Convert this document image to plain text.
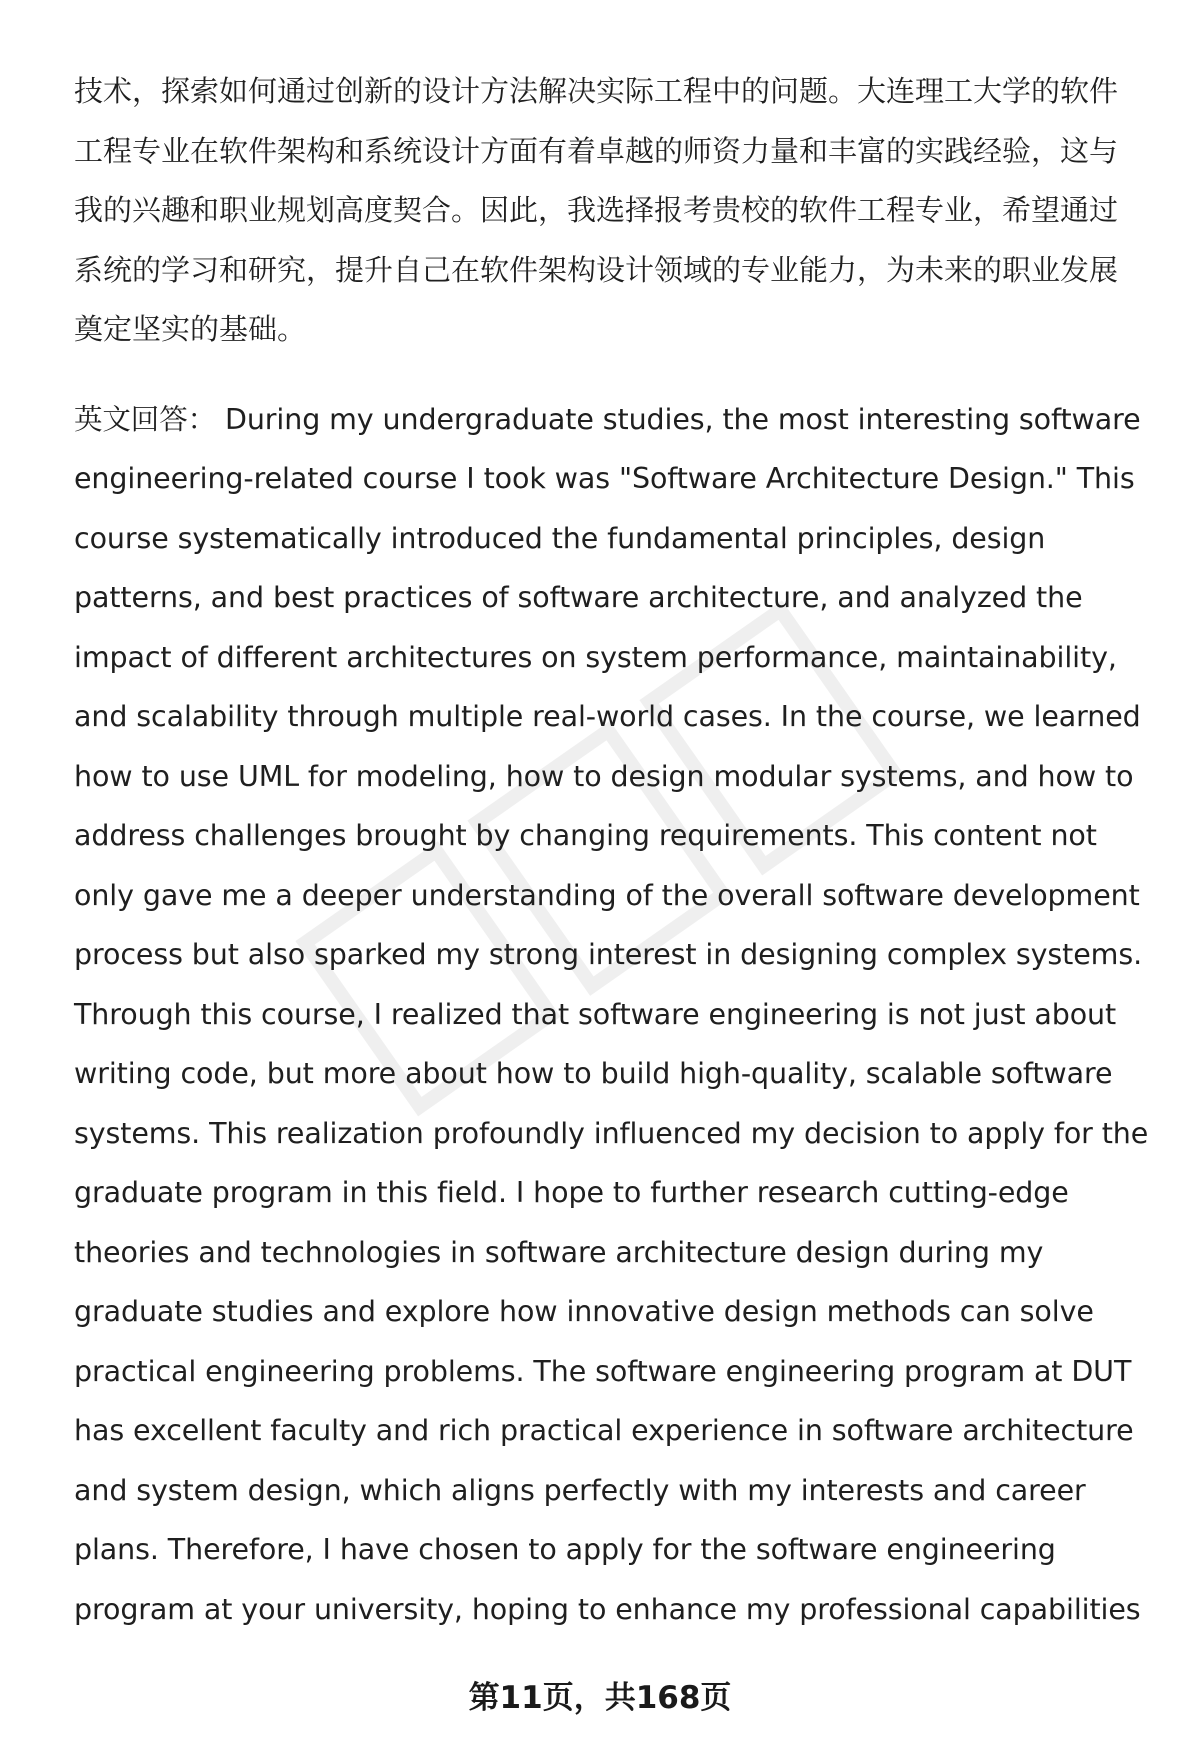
技术，探索如何通过创新的设计方法解决实际工程中的问题。大连理工大学的软件
工程专业在软件架构和系统设计方面有着卓越的师资力量和丰富的实践经验，这与
我的兴趣和职业规划高度契合。因此，我选择报考贵校的软件工程专业，希望通过
系统的学习和研究，提升自己在软件架构设计领域的专业能力，为未来的职业发展
奠定坚实的基础。

英文回答： During my undergraduate studies, the most interesting software
engineering-related course I took was "Software Architecture Design." This
course systematically introduced the fundamental principles, design
patterns, and best practices of software architecture, and analyzed the
impact of different architectures on system performance, maintainability,
and scalability through multiple real-world cases. In the course, we learned
how to use UML for modeling, how to design modular systems, and how to
address challenges brought by changing requirements. This content not
only gave me a deeper understanding of the overall software development
process but also sparked my strong interest in designing complex systems.
Through this course, I realized that software engineering is not just about
writing code, but more about how to build high-quality, scalable software
systems. This realization profoundly influenced my decision to apply for the
graduate program in this field. I hope to further research cutting-edge
theories and technologies in software architecture design during my
graduate studies and explore how innovative design methods can solve
practical engineering problems. The software engineering program at DUT
has excellent faculty and rich practical experience in software architecture
and system design, which aligns perfectly with my interests and career
plans. Therefore, I have chosen to apply for the software engineering
program at your university, hoping to enhance my professional capabilities

第11页，共168页
